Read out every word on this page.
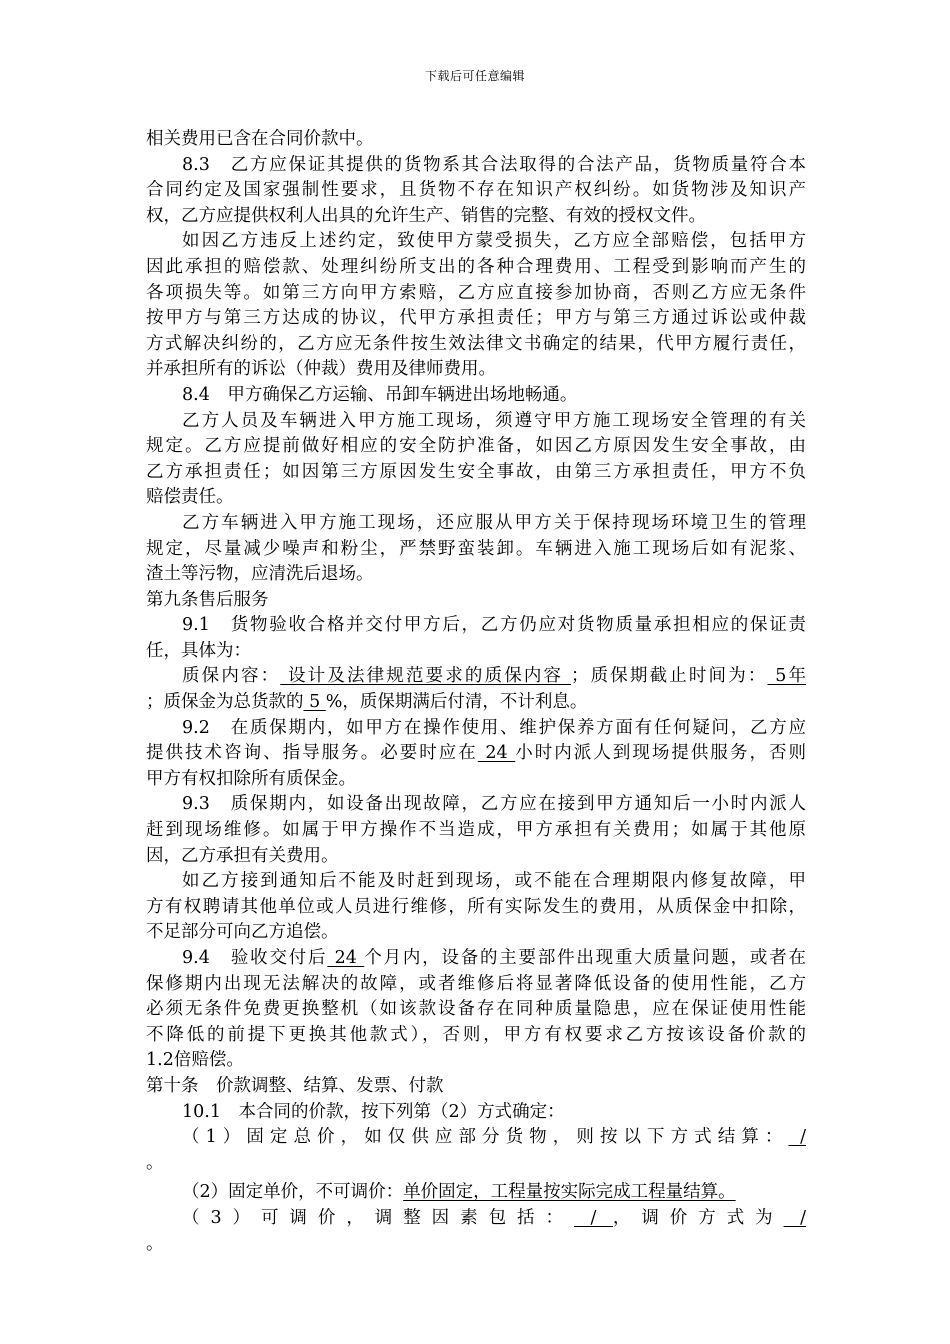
下载后可任意编辑
相关费用已含在合同价款中。
8.3　乙方应保证其提供的货物系其合法取得的合法产品，货物质量符合本
合同约定及国家强制性要求，且货物不存在知识产权纠纷。如货物涉及知识产
权，乙方应提供权利人出具的允许生产、销售的完整、有效的授权文件。
如因乙方违反上述约定，致使甲方蒙受损失，乙方应全部赔偿，包括甲方
因此承担的赔偿款、处理纠纷所支出的各种合理费用、工程受到影响而产生的
各项损失等。如第三方向甲方索赔，乙方应直接参加协商，否则乙方应无条件
按甲方与第三方达成的协议，代甲方承担责任；甲方与第三方通过诉讼或仲裁
方式解决纠纷的，乙方应无条件按生效法律文书确定的结果，代甲方履行责任，
并承担所有的诉讼（仲裁）费用及律师费用。
8.4　甲方确保乙方运输、吊卸车辆进出场地畅通。
乙方人员及车辆进入甲方施工现场，须遵守甲方施工现场安全管理的有关
规定。乙方应提前做好相应的安全防护准备，如因乙方原因发生安全事故，由
乙方承担责任；如因第三方原因发生安全事故，由第三方承担责任，甲方不负
赔偿责任。
乙方车辆进入甲方施工现场，还应服从甲方关于保持现场环境卫生的管理
规定，尽量减少噪声和粉尘，严禁野蛮装卸。车辆进入施工现场后如有泥浆、
渣土等污物，应清洗后退场。
第九条售后服务
9.1　货物验收合格并交付甲方后，乙方仍应对货物质量承担相应的保证责
任，具体为：
质保内容： 设计及法律规范要求的质保内容 ；质保期截止时间为： 5年
；质保金为总货款的 5 %，质保期满后付清，不计利息。
9.2　在质保期内，如甲方在操作使用、维护保养方面有任何疑问，乙方应
提供技术咨询、指导服务。必要时应在 24 小时内派人到现场提供服务，否则
甲方有权扣除所有质保金。
9.3　质保期内，如设备出现故障，乙方应在接到甲方通知后一小时内派人
赶到现场维修。如属于甲方操作不当造成，甲方承担有关费用；如属于其他原
因，乙方承担有关费用。
如乙方接到通知后不能及时赶到现场，或不能在合理期限内修复故障，甲
方有权聘请其他单位或人员进行维修，所有实际发生的费用，从质保金中扣除，
不足部分可向乙方追偿。
9.4　验收交付后 24 个月内，设备的主要部件出现重大质量问题，或者在
保修期内出现无法解决的故障，或者维修后将显著降低设备的使用性能，乙方
必须无条件免费更换整机（如该款设备存在同种质量隐患，应在保证使用性能
不降低的前提下更换其他款式），否则，甲方有权要求乙方按该设备价款的
1.2倍赔偿。
第十条　价款调整、结算、发票、付款
10.1　本合同的价款，按下列第（2）方式确定：
（1）固定总价，如仅供应部分货物，则按以下方式结算： /
。
（2）固定单价，不可调价：单价固定，工程量按实际完成工程量结算。
（3）可调价，调整因素包括： / ，调价方式为 /
。
